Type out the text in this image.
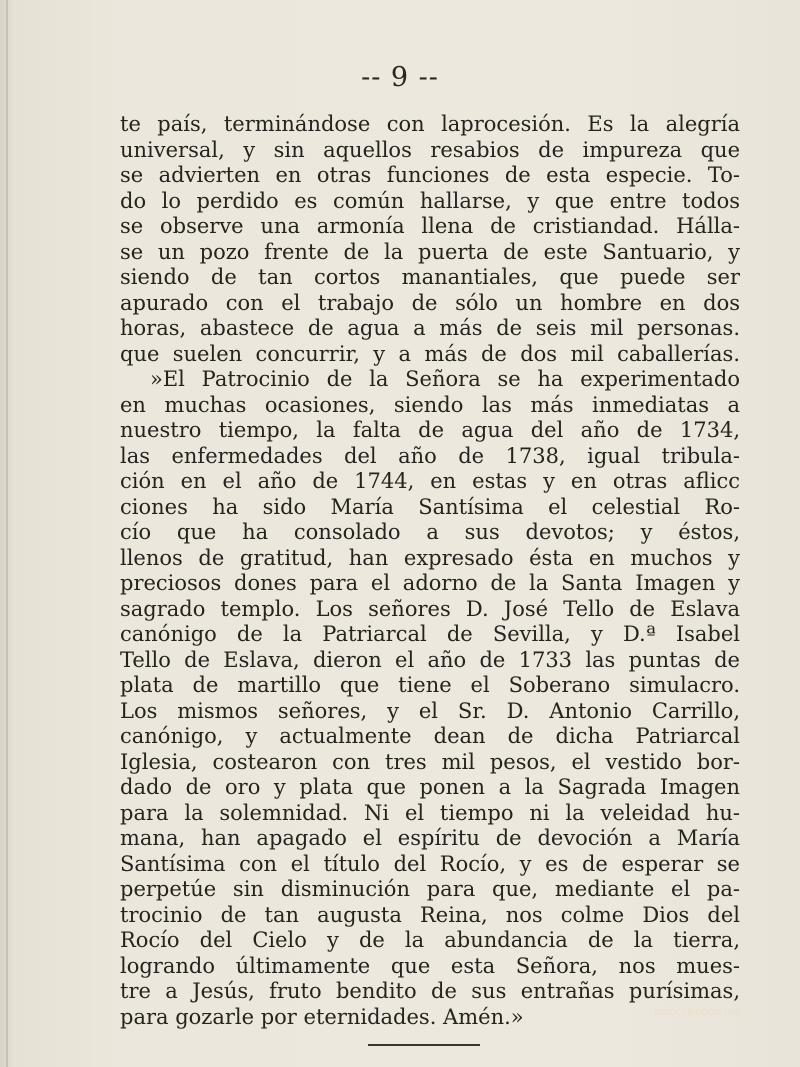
-- 9 --
te país, terminándose con laprocesión. Es la alegría
universal, y sin aquellos resabios de impureza que
se advierten en otras funciones de esta especie. To-
do lo perdido es común hallarse, y que entre todos
se observe una armonía llena de cristiandad. Hálla-
se un pozo frente de la puerta de este Santuario, y
siendo de tan cortos manantiales, que puede ser
apurado con el trabajo de sólo un hombre en dos
horas, abastece de agua a más de seis mil personas.
que suelen concurrir, y a más de dos mil caballerías.
»El Patrocinio de la Señora se ha experimentado
en muchas ocasiones, siendo las más inmediatas a
nuestro tiempo, la falta de agua del año de 1734,
las enfermedades del año de 1738, igual tribula-
ción en el año de 1744, en estas y en otras aflicc
ciones ha sido María Santísima el celestial Ro-
cío que ha consolado a sus devotos; y éstos,
llenos de gratitud, han expresado ésta en muchos y
preciosos dones para el adorno de la Santa Imagen y
sagrado templo. Los señores D. José Tello de Eslava
canónigo de la Patriarcal de Sevilla, y D.ª Isabel
Tello de Eslava, dieron el año de 1733 las puntas de
plata de martillo que tiene el Soberano simulacro.
Los mismos señores, y el Sr. D. Antonio Carrillo,
canónigo, y actualmente dean de dicha Patriarcal
Iglesia, costearon con tres mil pesos, el vestido bor-
dado de oro y plata que ponen a la Sagrada Imagen
para la solemnidad. Ni el tiempo ni la veleidad hu-
mana, han apagado el espíritu de devoción a María
Santísima con el título del Rocío, y es de esperar se
perpetúe sin disminución para que, mediante el pa-
trocinio de tan augusta Reina, nos colme Dios del
Rocío del Cielo y de la abundancia de la tierra,
logrando últimamente que esta Señora, nos mues-
tre a Jesús, fruto bendito de sus entrañas purísimas,
para gozarle por eternidades. Amén.»	todocoleccion.net
